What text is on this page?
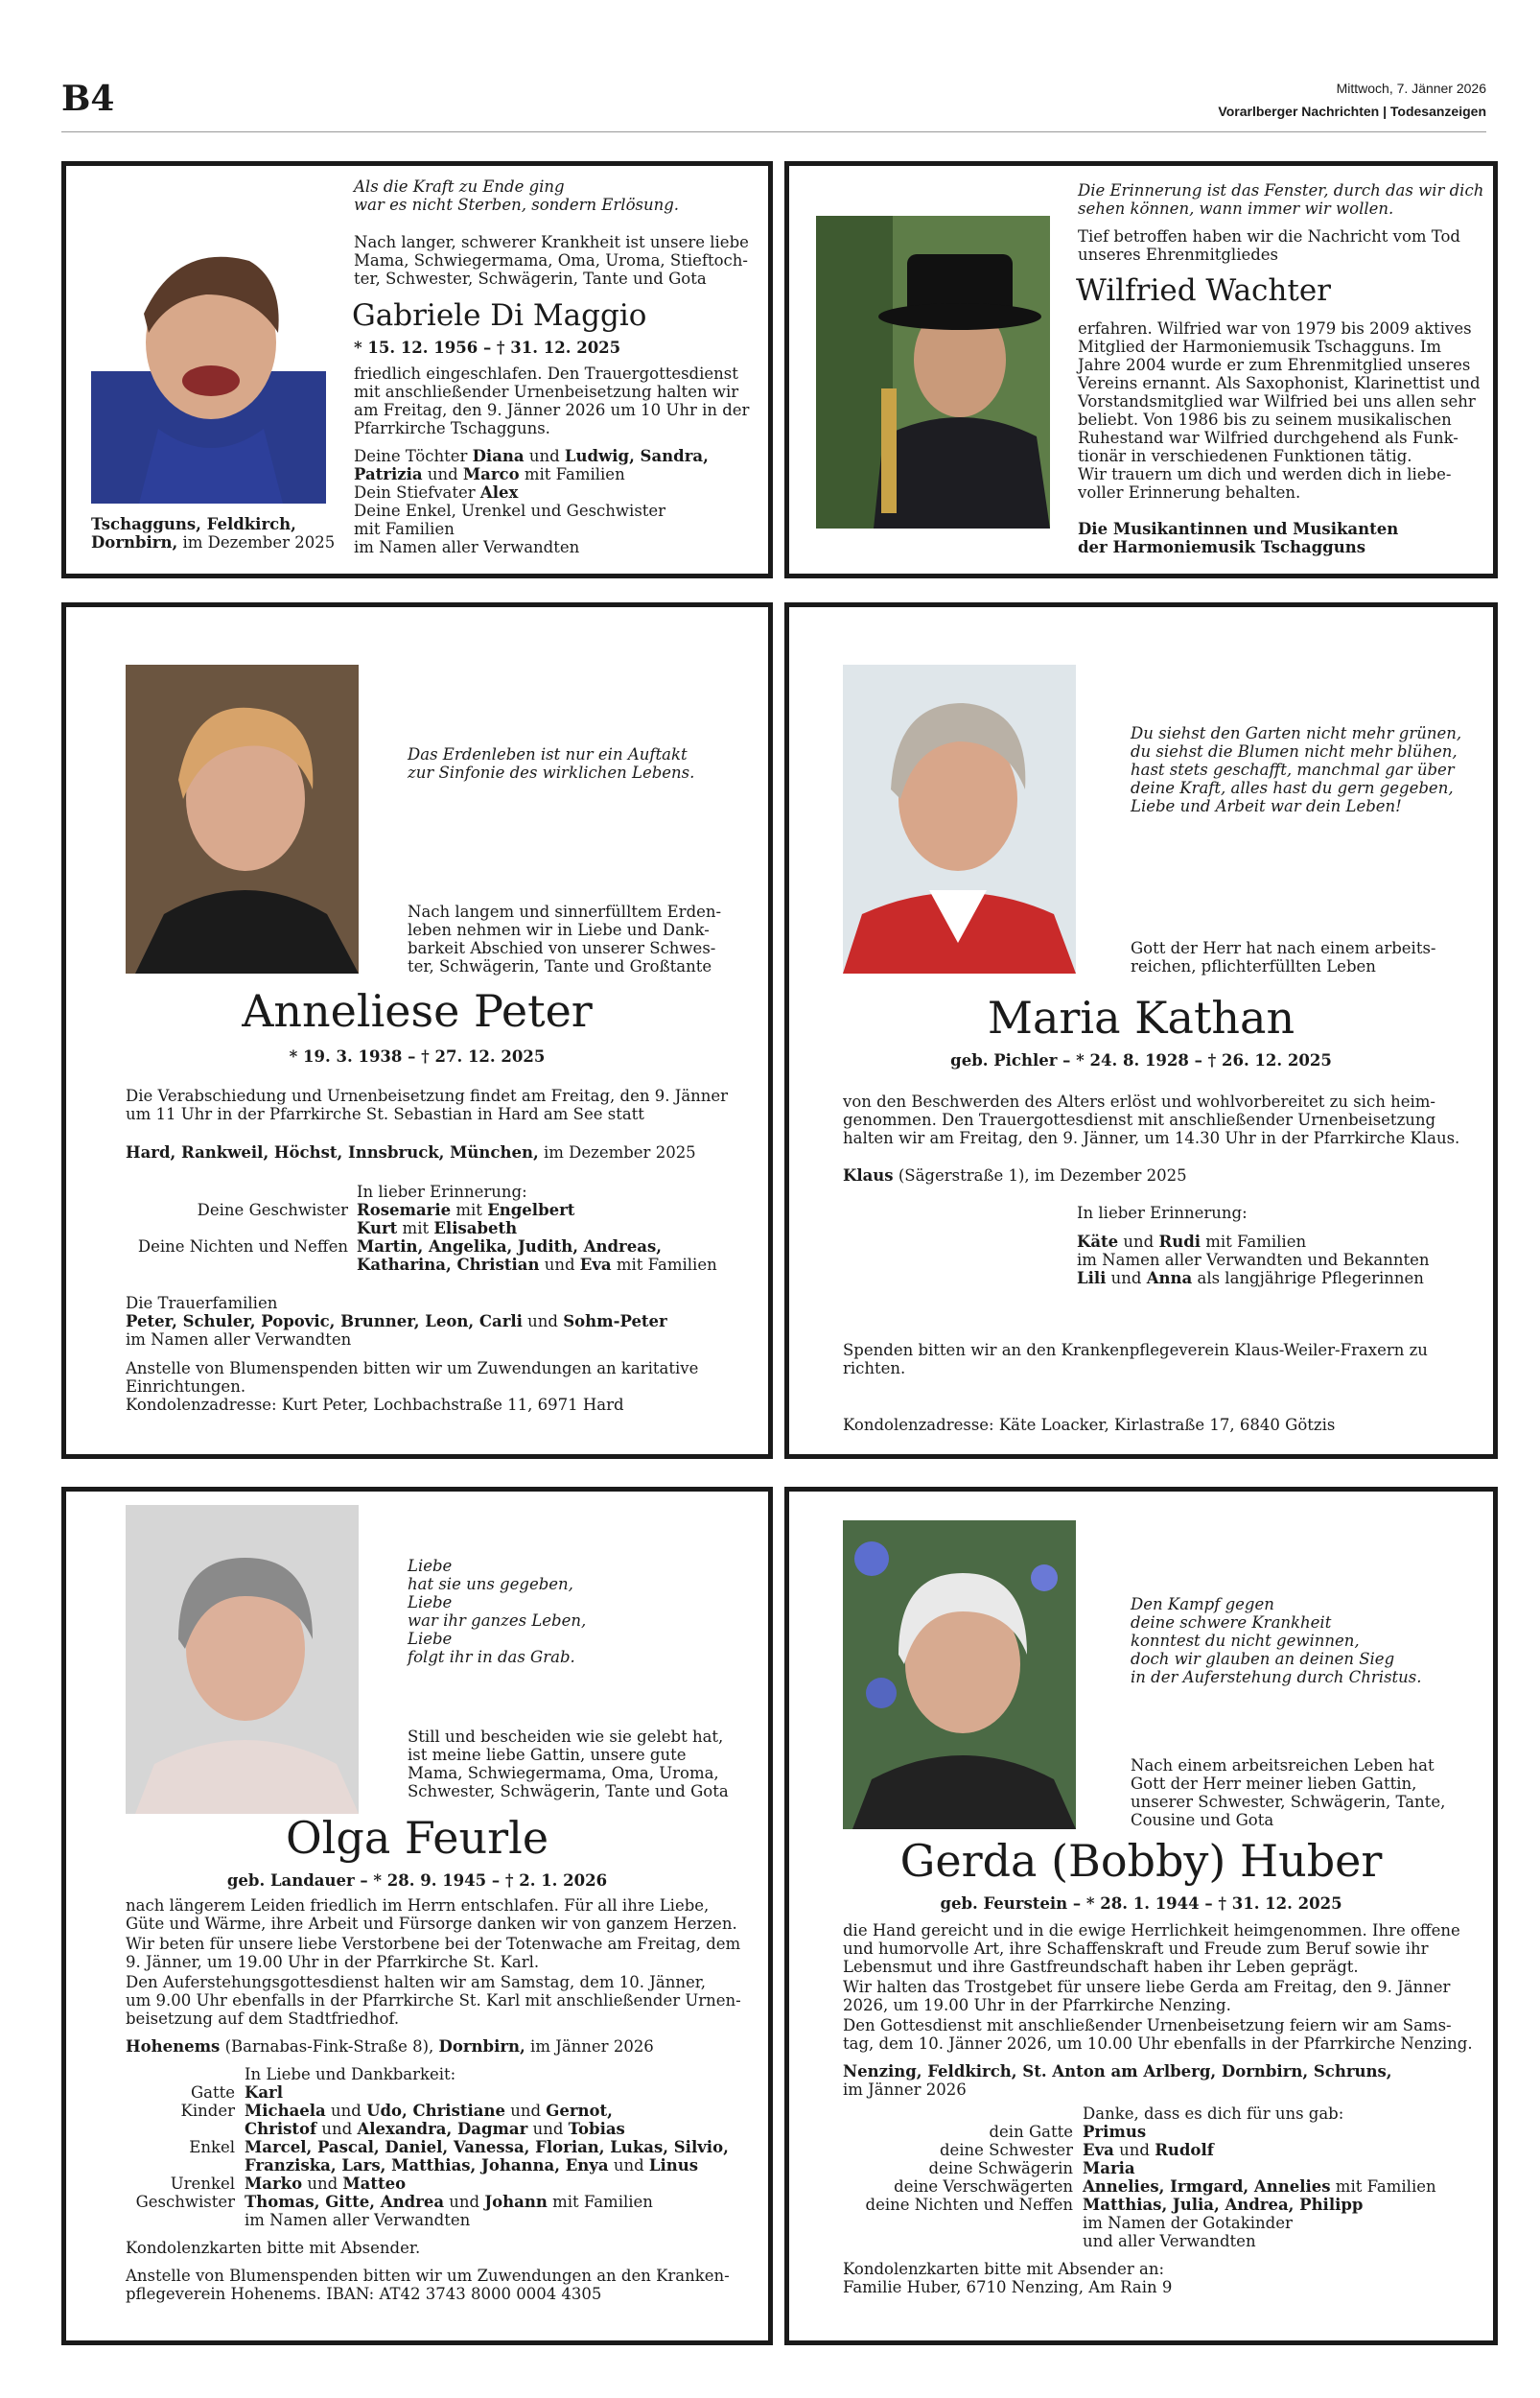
B4	Mittwoch, 7. Jänner 2026
Vorarlberger Nachrichten | Todesanzeigen
Als die Kraft zu Ende ging
war es nicht Sterben, sondern Erlösung.
Nach langer, schwerer Krankheit ist unsere liebe
Mama, Schwiegermama, Oma, Uroma, Stieftoch-
ter, Schwester, Schwägerin, Tante und Gota
Gabriele Di Maggio
* 15. 12. 1956 – † 31. 12. 2025
friedlich eingeschlafen. Den Trauergottesdienst
mit anschließender Urnenbeisetzung halten wir
am Freitag, den 9. Jänner 2026 um 10 Uhr in der
Pfarrkirche Tschagguns.
Deine Töchter Diana und Ludwig, Sandra,
Patrizia und Marco mit Familien
Dein Stiefvater Alex
Deine Enkel, Urenkel und Geschwister
mit Familien
im Namen aller Verwandten
Tschagguns, Feldkirch,
Dornbirn, im Dezember 2025
Die Erinnerung ist das Fenster, durch das wir dich
sehen können, wann immer wir wollen.
Tief betroffen haben wir die Nachricht vom Tod
unseres Ehrenmitgliedes
Wilfried Wachter
erfahren. Wilfried war von 1979 bis 2009 aktives
Mitglied der Harmoniemusik Tschagguns. Im
Jahre 2004 wurde er zum Ehrenmitglied unseres
Vereins ernannt. Als Saxophonist, Klarinettist und
Vorstandsmitglied war Wilfried bei uns allen sehr
beliebt. Von 1986 bis zu seinem musikalischen
Ruhestand war Wilfried durchgehend als Funk-
tionär in verschiedenen Funktionen tätig.
Wir trauern um dich und werden dich in liebe-
voller Erinnerung behalten.
Die Musikantinnen und Musikanten
der Harmoniemusik Tschagguns
Das Erdenleben ist nur ein Auftakt
zur Sinfonie des wirklichen Lebens.
Nach langem und sinnerfülltem Erden-
leben nehmen wir in Liebe und Dank-
barkeit Abschied von unserer Schwes-
ter, Schwägerin, Tante und Großtante
Anneliese Peter
* 19. 3. 1938 – † 27. 12. 2025
Die Verabschiedung und Urnenbeisetzung findet am Freitag, den 9. Jänner
um 11 Uhr in der Pfarrkirche St. Sebastian in Hard am See statt
Hard, Rankweil, Höchst, Innsbruck, München, im Dezember 2025
In lieber Erinnerung:
Deine Geschwister Rosemarie mit Engelbert
Kurt mit Elisabeth
Deine Nichten und Neffen Martin, Angelika, Judith, Andreas,
Katharina, Christian und Eva mit Familien
Die Trauerfamilien
Peter, Schuler, Popovic, Brunner, Leon, Carli und Sohm-Peter
im Namen aller Verwandten
Anstelle von Blumenspenden bitten wir um Zuwendungen an karitative
Einrichtungen.
Kondolenzadresse: Kurt Peter, Lochbachstraße 11, 6971 Hard
Du siehst den Garten nicht mehr grünen,
du siehst die Blumen nicht mehr blühen,
hast stets geschafft, manchmal gar über
deine Kraft, alles hast du gern gegeben,
Liebe und Arbeit war dein Leben!
Gott der Herr hat nach einem arbeits-
reichen, pflichterfüllten Leben
Maria Kathan
geb. Pichler – * 24. 8. 1928 – † 26. 12. 2025
von den Beschwerden des Alters erlöst und wohlvorbereitet zu sich heim-
genommen. Den Trauergottesdienst mit anschließender Urnenbeisetzung
halten wir am Freitag, den 9. Jänner, um 14.30 Uhr in der Pfarrkirche Klaus.
Klaus (Sägerstraße 1), im Dezember 2025
In lieber Erinnerung:
Käte und Rudi mit Familien
im Namen aller Verwandten und Bekannten
Lili und Anna als langjährige Pflegerinnen
Spenden bitten wir an den Krankenpflegeverein Klaus-Weiler-Fraxern zu
richten.
Kondolenzadresse: Käte Loacker, Kirlastraße 17, 6840 Götzis
Liebe
hat sie uns gegeben,
Liebe
war ihr ganzes Leben,
Liebe
folgt ihr in das Grab.
Still und bescheiden wie sie gelebt hat,
ist meine liebe Gattin, unsere gute
Mama, Schwiegermama, Oma, Uroma,
Schwester, Schwägerin, Tante und Gota
Olga Feurle
geb. Landauer – * 28. 9. 1945 – † 2. 1. 2026
nach längerem Leiden friedlich im Herrn entschlafen. Für all ihre Liebe,
Güte und Wärme, ihre Arbeit und Fürsorge danken wir von ganzem Herzen.
Wir beten für unsere liebe Verstorbene bei der Totenwache am Freitag, dem
9. Jänner, um 19.00 Uhr in der Pfarrkirche St. Karl.
Den Auferstehungsgottesdienst halten wir am Samstag, dem 10. Jänner,
um 9.00 Uhr ebenfalls in der Pfarrkirche St. Karl mit anschließender Urnen-
beisetzung auf dem Stadtfriedhof.
Hohenems (Barnabas-Fink-Straße 8), Dornbirn, im Jänner 2026
In Liebe und Dankbarkeit:
Gatte Karl
Kinder Michaela und Udo, Christiane und Gernot,
Christof und Alexandra, Dagmar und Tobias
Enkel Marcel, Pascal, Daniel, Vanessa, Florian, Lukas, Silvio,
Franziska, Lars, Matthias, Johanna, Enya und Linus
Urenkel Marko und Matteo
Geschwister Thomas, Gitte, Andrea und Johann mit Familien
im Namen aller Verwandten
Kondolenzkarten bitte mit Absender.
Anstelle von Blumenspenden bitten wir um Zuwendungen an den Kranken-
pflegeverein Hohenems. IBAN: AT42 3743 8000 0004 4305
Den Kampf gegen
deine schwere Krankheit
konntest du nicht gewinnen,
doch wir glauben an deinen Sieg
in der Auferstehung durch Christus.
Nach einem arbeitsreichen Leben hat
Gott der Herr meiner lieben Gattin,
unserer Schwester, Schwägerin, Tante,
Cousine und Gota
Gerda (Bobby) Huber
geb. Feurstein – * 28. 1. 1944 – † 31. 12. 2025
die Hand gereicht und in die ewige Herrlichkeit heimgenommen. Ihre offene
und humorvolle Art, ihre Schaffenskraft und Freude zum Beruf sowie ihr
Lebensmut und ihre Gastfreundschaft haben ihr Leben geprägt.
Wir halten das Trostgebet für unsere liebe Gerda am Freitag, den 9. Jänner
2026, um 19.00 Uhr in der Pfarrkirche Nenzing.
Den Gottesdienst mit anschließender Urnenbeisetzung feiern wir am Sams-
tag, dem 10. Jänner 2026, um 10.00 Uhr ebenfalls in der Pfarrkirche Nenzing.
Nenzing, Feldkirch, St. Anton am Arlberg, Dornbirn, Schruns,
im Jänner 2026
Danke, dass es dich für uns gab:
dein Gatte Primus
deine Schwester Eva und Rudolf
deine Schwägerin Maria
deine Verschwägerten Annelies, Irmgard, Annelies mit Familien
deine Nichten und Neffen Matthias, Julia, Andrea, Philipp
im Namen der Gotakinder
und aller Verwandten
Kondolenzkarten bitte mit Absender an:
Familie Huber, 6710 Nenzing, Am Rain 9
